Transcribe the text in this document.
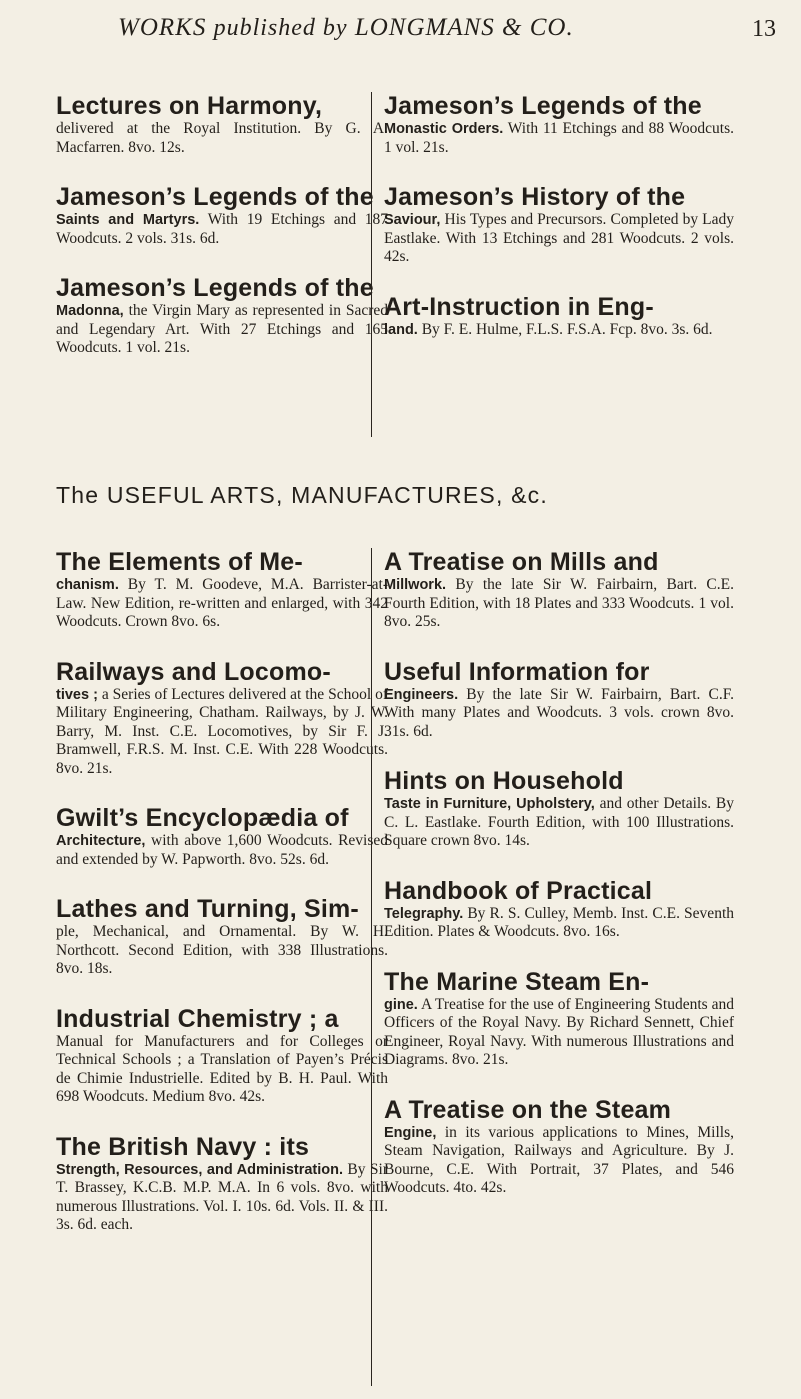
WORKS published by LONGMANS & CO.	13
Lectures on Harmony,
delivered at the Royal Institution. By G. A. Macfarren. 8vo. 12s.
Jameson’s Legends of the
Saints and Martyrs. With 19 Etchings and 187 Woodcuts. 2 vols. 31s. 6d.
Jameson’s Legends of the
Madonna, the Virgin Mary as represented in Sacred and Legendary Art. With 27 Etchings and 165 Woodcuts. 1 vol. 21s.
Jameson’s Legends of the
Monastic Orders. With 11 Etchings and 88 Woodcuts. 1 vol. 21s.
Jameson’s History of the
Saviour, His Types and Precursors. Completed by Lady Eastlake. With 13 Etchings and 281 Woodcuts. 2 vols. 42s.
Art-Instruction in Eng-
land. By F. E. Hulme, F.L.S. F.S.A. Fcp. 8vo. 3s. 6d.
The USEFUL ARTS, MANUFACTURES, &c.
The Elements of Me-
chanism. By T. M. Goodeve, M.A. Barrister-at-Law. New Edition, re-written and enlarged, with 342 Woodcuts. Crown 8vo. 6s.
Railways and Locomo-
tives ; a Series of Lectures delivered at the School of Military Engineering, Chatham. Railways, by J. W. Barry, M. Inst. C.E. Locomotives, by Sir F. J. Bramwell, F.R.S. M. Inst. C.E. With 228 Woodcuts. 8vo. 21s.
Gwilt’s Encyclopædia of
Architecture, with above 1,600 Woodcuts. Revised and extended by W. Papworth. 8vo. 52s. 6d.
Lathes and Turning, Sim-
ple, Mechanical, and Ornamental. By W. H. Northcott. Second Edition, with 338 Illustrations. 8vo. 18s.
Industrial Chemistry ; a
Manual for Manufacturers and for Colleges or Technical Schools ; a Translation of Payen’s Précis de Chimie Industrielle. Edited by B. H. Paul. With 698 Woodcuts. Medium 8vo. 42s.
The British Navy : its
Strength, Resources, and Administration. By Sir T. Brassey, K.C.B. M.P. M.A. In 6 vols. 8vo. with numerous Illustrations. Vol. I. 10s. 6d. Vols. II. & III. 3s. 6d. each.
A Treatise on Mills and
Millwork. By the late Sir W. Fairbairn, Bart. C.E. Fourth Edition, with 18 Plates and 333 Woodcuts. 1 vol. 8vo. 25s.
Useful Information for
Engineers. By the late Sir W. Fairbairn, Bart. C.F. With many Plates and Woodcuts. 3 vols. crown 8vo. 31s. 6d.
Hints on Household
Taste in Furniture, Upholstery, and other Details. By C. L. Eastlake. Fourth Edition, with 100 Illustrations. Square crown 8vo. 14s.
Handbook of Practical
Telegraphy. By R. S. Culley, Memb. Inst. C.E. Seventh Edition. Plates & Woodcuts. 8vo. 16s.
The Marine Steam En-
gine. A Treatise for the use of Engineering Students and Officers of the Royal Navy. By Richard Sennett, Chief Engineer, Royal Navy. With numerous Illustrations and Diagrams. 8vo. 21s.
A Treatise on the Steam
Engine, in its various applications to Mines, Mills, Steam Navigation, Railways and Agriculture. By J. Bourne, C.E. With Portrait, 37 Plates, and 546 Woodcuts. 4to. 42s.
